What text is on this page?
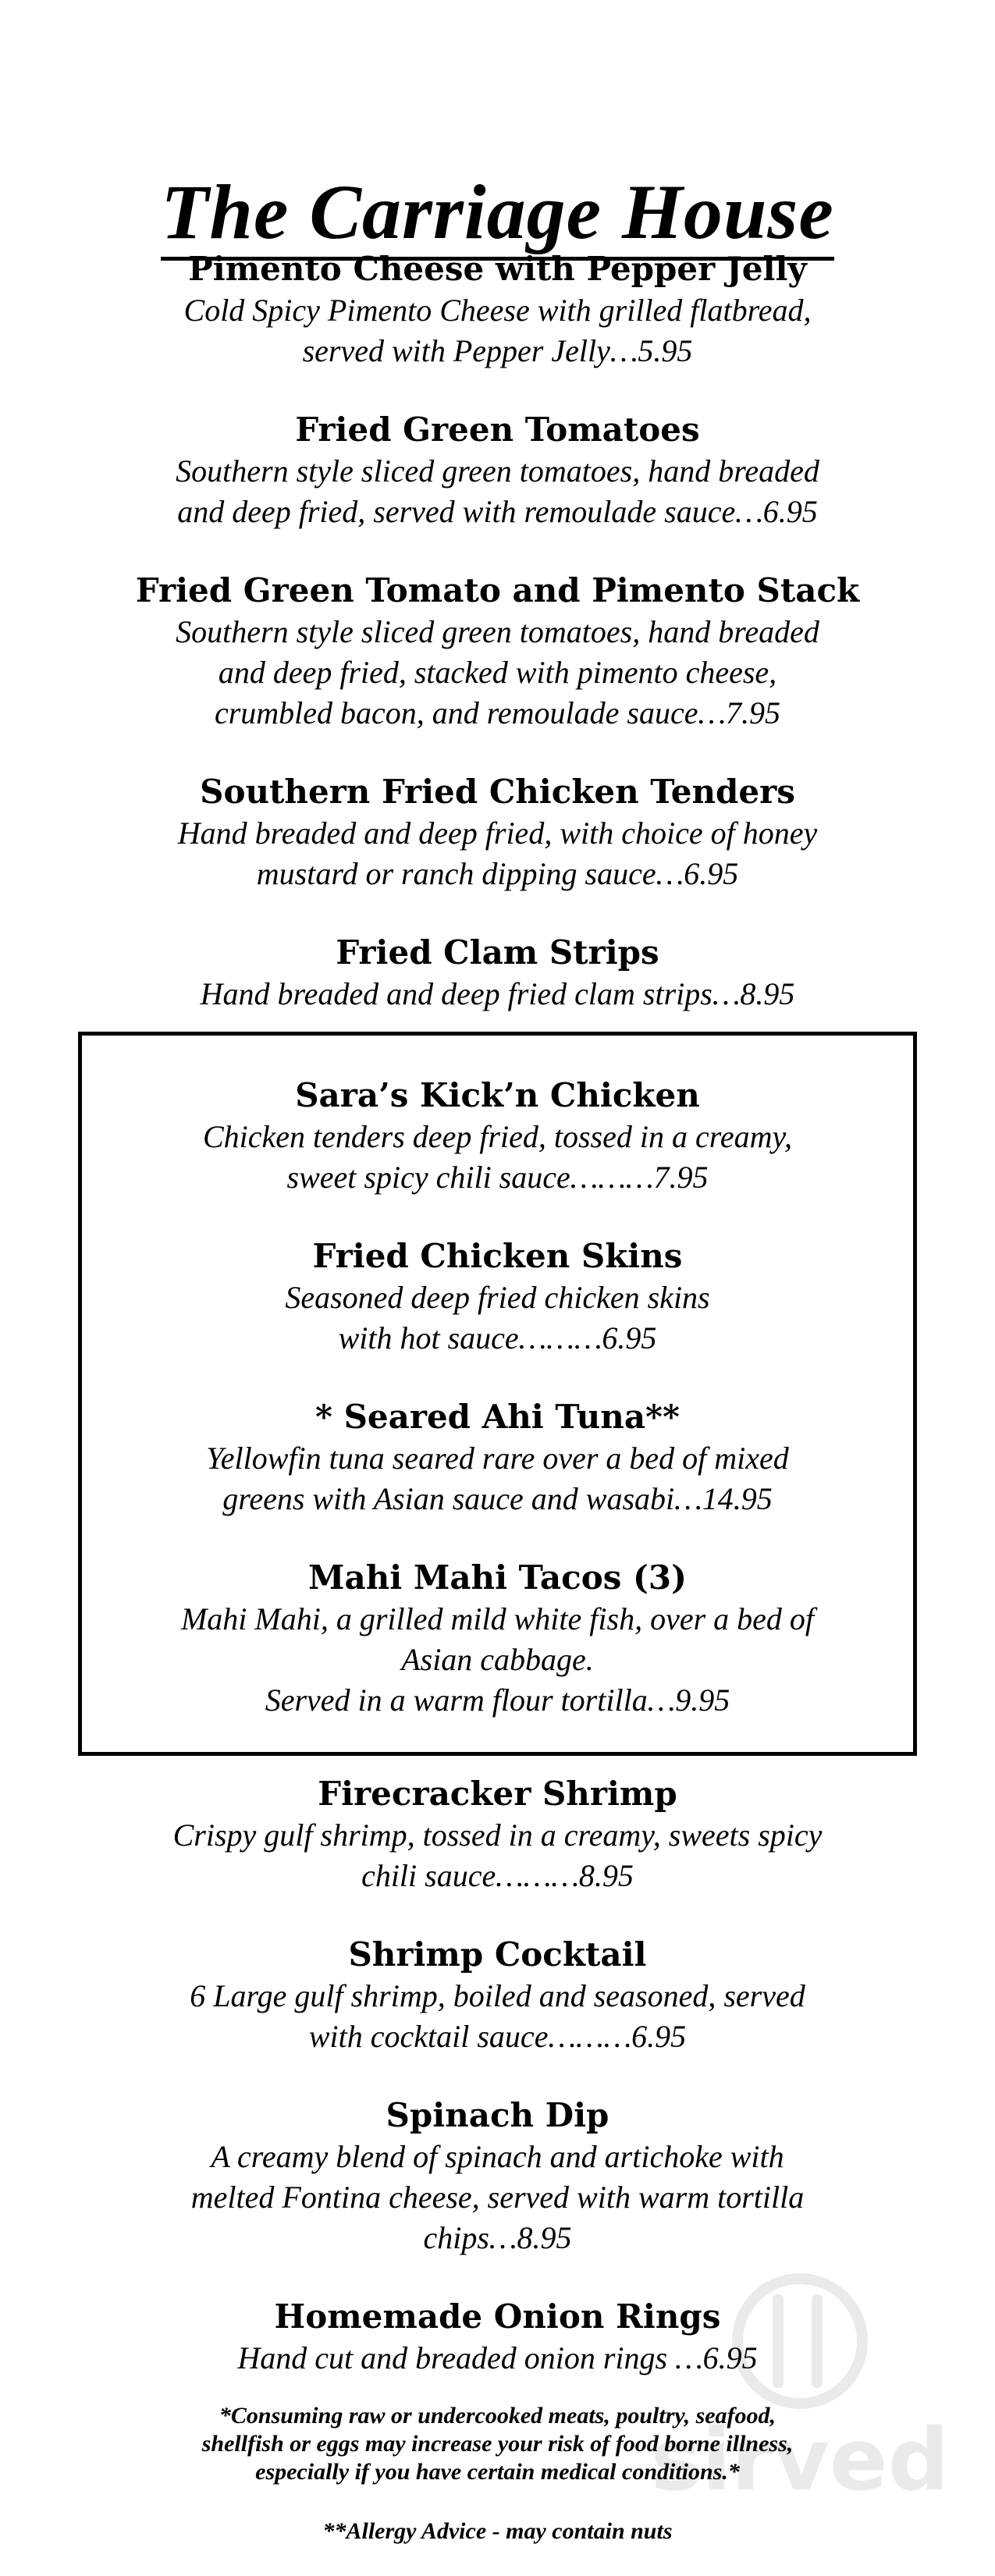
The Carriage House
Pimento Cheese with Pepper Jelly
Cold Spicy Pimento Cheese with grilled flatbread,
served with Pepper Jelly…5.95
Fried Green Tomatoes
Southern style sliced green tomatoes, hand breaded
and deep fried, served with remoulade sauce…6.95
Fried Green Tomato and Pimento Stack
Southern style sliced green tomatoes, hand breaded
and deep fried, stacked with pimento cheese,
crumbled bacon, and remoulade sauce…7.95
Southern Fried Chicken Tenders
Hand breaded and deep fried, with choice of honey
mustard or ranch dipping sauce…6.95
Fried Clam Strips
Hand breaded and deep fried clam strips…8.95
Sara’s Kick’n Chicken
Chicken tenders deep fried, tossed in a creamy,
sweet spicy chili sauce………7.95
Fried Chicken Skins
Seasoned deep fried chicken skins
with hot sauce………6.95
* Seared Ahi Tuna**
Yellowfin tuna seared rare over a bed of mixed
greens with Asian sauce and wasabi…14.95
Mahi Mahi Tacos (3)
Mahi Mahi, a grilled mild white fish, over a bed of
Asian cabbage.
Served in a warm flour tortilla…9.95
Firecracker Shrimp
Crispy gulf shrimp, tossed in a creamy, sweets spicy
chili sauce………8.95
Shrimp Cocktail
6 Large gulf shrimp, boiled and seasoned, served
with cocktail sauce………6.95
Spinach Dip
A creamy blend of spinach and artichoke with
melted Fontina cheese, served with warm tortilla
chips…8.95
Homemade Onion Rings
Hand cut and breaded onion rings …6.95
*Consuming raw or undercooked meats, poultry, seafood,
shellfish or eggs may increase your risk of food borne illness,
especially if you have certain medical conditions.*
**Allergy Advice - may contain nuts
sirved
